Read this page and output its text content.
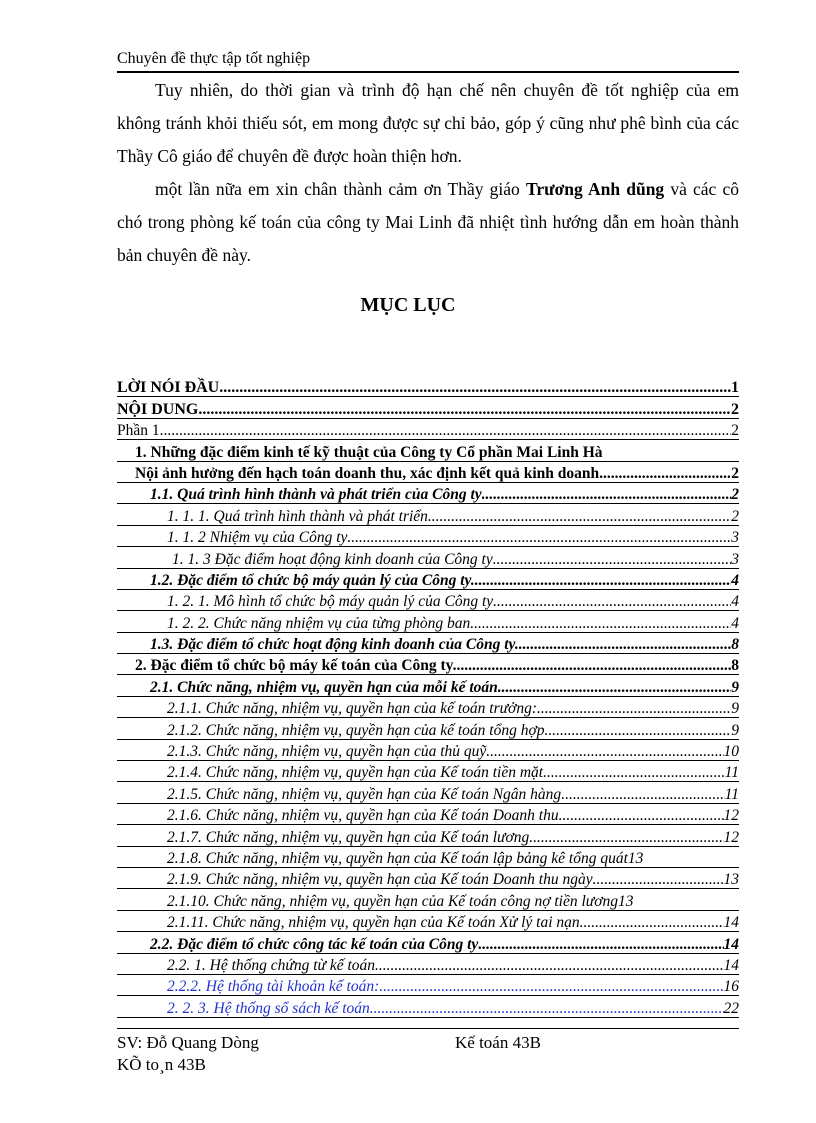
Chuyên đề thực tập tốt nghiệp

Tuy nhiên, do thời gian và trình độ hạn chế nên chuyên đề tốt nghiệp của em không tránh khỏi thiếu sót, em mong được sự chỉ bảo, góp ý cũng như phê bình của các Thầy Cô giáo để chuyên đề được hoàn thiện hơn.

một lần nữa em xin chân thành cảm ơn Thầy giáo Trương Anh dũng và các cô chó trong phòng kế toán của công ty Mai Linh đã nhiệt tình hướng dẫn em hoàn thành bản chuyên đề này.

MỤC LỤC
LỜI NÓI ĐẦU .....	1
NỘI DUNG .....	2
Phần 1 .....	2
1. Những đặc điểm kinh tế kỹ thuật của Công ty Cổ phần Mai Linh Hà
Nội ảnh hưởng đến hạch toán doanh thu, xác định kết quả kinh doanh .....	2
1.1. Quá trình hình thành và phát triển của Công ty .....	2
1. 1. 1. Quá trình hình thành và phát triển .....	2
1. 1. 2 Nhiệm vụ của Công ty .....	3
1. 1. 3 Đặc điểm hoạt động kinh doanh của Công ty .....	3
1.2. Đặc điểm tổ chức bộ máy quản lý của Công ty. .....	4
1. 2. 1. Mô hình tổ chức bộ máy quản lý của Công ty .....	4
1. 2. 2. Chức năng nhiệm vụ của từng phòng ban .....	4
1.3. Đặc điểm tổ chức hoạt động kinh doanh của Công ty. .....	8
2. Đặc điểm tổ chức bộ máy kế toán của Công ty. .....	8
2.1. Chức năng, nhiệm vụ, quyền hạn của mỗi kế toán .....	9
2.1.1. Chức năng, nhiệm vụ, quyền hạn của kế toán trưởng: .....	9
2.1.2. Chức năng, nhiệm vụ, quyền hạn của kế toán tổng hợp .....	9
2.1.3. Chức năng, nhiệm vụ, quyền hạn của thủ quỹ .....	10
2.1.4. Chức năng, nhiệm vụ, quyền hạn của Kế toán tiền mặt .....	11
2.1.5. Chức năng, nhiệm vụ, quyền hạn của Kế toán Ngân hàng .....	11
2.1.6. Chức năng, nhiệm vụ, quyền hạn của Kế toán Doanh thu .....	12
2.1.7. Chức năng, nhiệm vụ, quyền hạn của Kế toán lương .....	12
2.1.8. Chức năng, nhiệm vụ, quyền hạn của Kế toán lập bảng kê tổng quát 13
2.1.9. Chức năng, nhiệm vụ, quyền hạn của Kế toán Doanh thu ngày .....	13
2.1.10. Chức năng, nhiệm vụ, quyền hạn của Kế toán công nợ tiền lương 13
2.1.11. Chức năng, nhiệm vụ, quyền hạn của Kế toán Xử lý tai nạn .....	14
2.2. Đặc điểm tổ chức công tác kế toán của Công ty .....	14
2.2. 1. Hệ thống chứng từ kế toán .....	14
2.2.2. Hệ thống tài khoản kế toán: .....	16
2. 2. 3. Hệ thống sổ sách kế toán .....	22
SV: Đỗ Quang Dòng	Kế toán 43B
KÕ to¸n 43B
